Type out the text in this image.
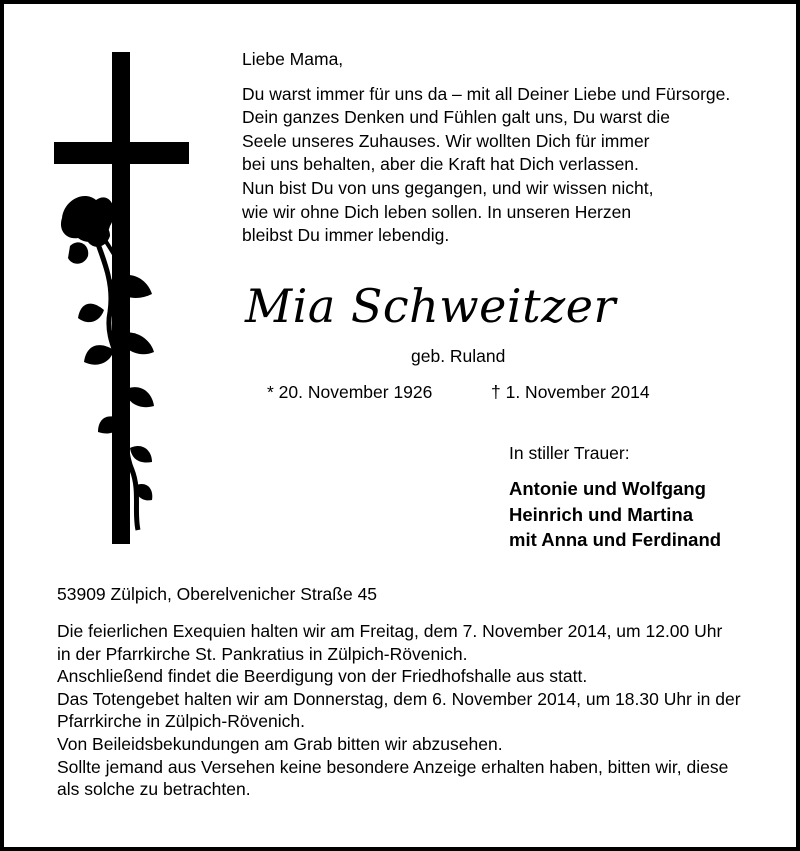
Liebe Mama,
Du warst immer für uns da – mit all Deiner Liebe und Fürsorge.
Dein ganzes Denken und Fühlen galt uns, Du warst die
Seele unseres Zuhauses. Wir wollten Dich für immer
bei uns behalten, aber die Kraft hat Dich verlassen.
Nun bist Du von uns gegangen, und wir wissen nicht,
wie wir ohne Dich leben sollen. In unseren Herzen
bleibst Du immer lebendig.
Mia Schweitzer
geb. Ruland
* 20. November 1926	† 1. November 2014
In stiller Trauer:
Antonie und Wolfgang
Heinrich und Martina
mit Anna und Ferdinand
53909 Zülpich, Oberelvenicher Straße 45
Die feierlichen Exequien halten wir am Freitag, dem 7. November 2014, um 12.00 Uhr
in der Pfarrkirche St. Pankratius in Zülpich-Rövenich.
Anschließend findet die Beerdigung von der Friedhofshalle aus statt.
Das Totengebet halten wir am Donnerstag, dem 6. November 2014, um 18.30 Uhr in der
Pfarrkirche in Zülpich-Rövenich.
Von Beileidsbekundungen am Grab bitten wir abzusehen.
Sollte jemand aus Versehen keine besondere Anzeige erhalten haben, bitten wir, diese
als solche zu betrachten.
